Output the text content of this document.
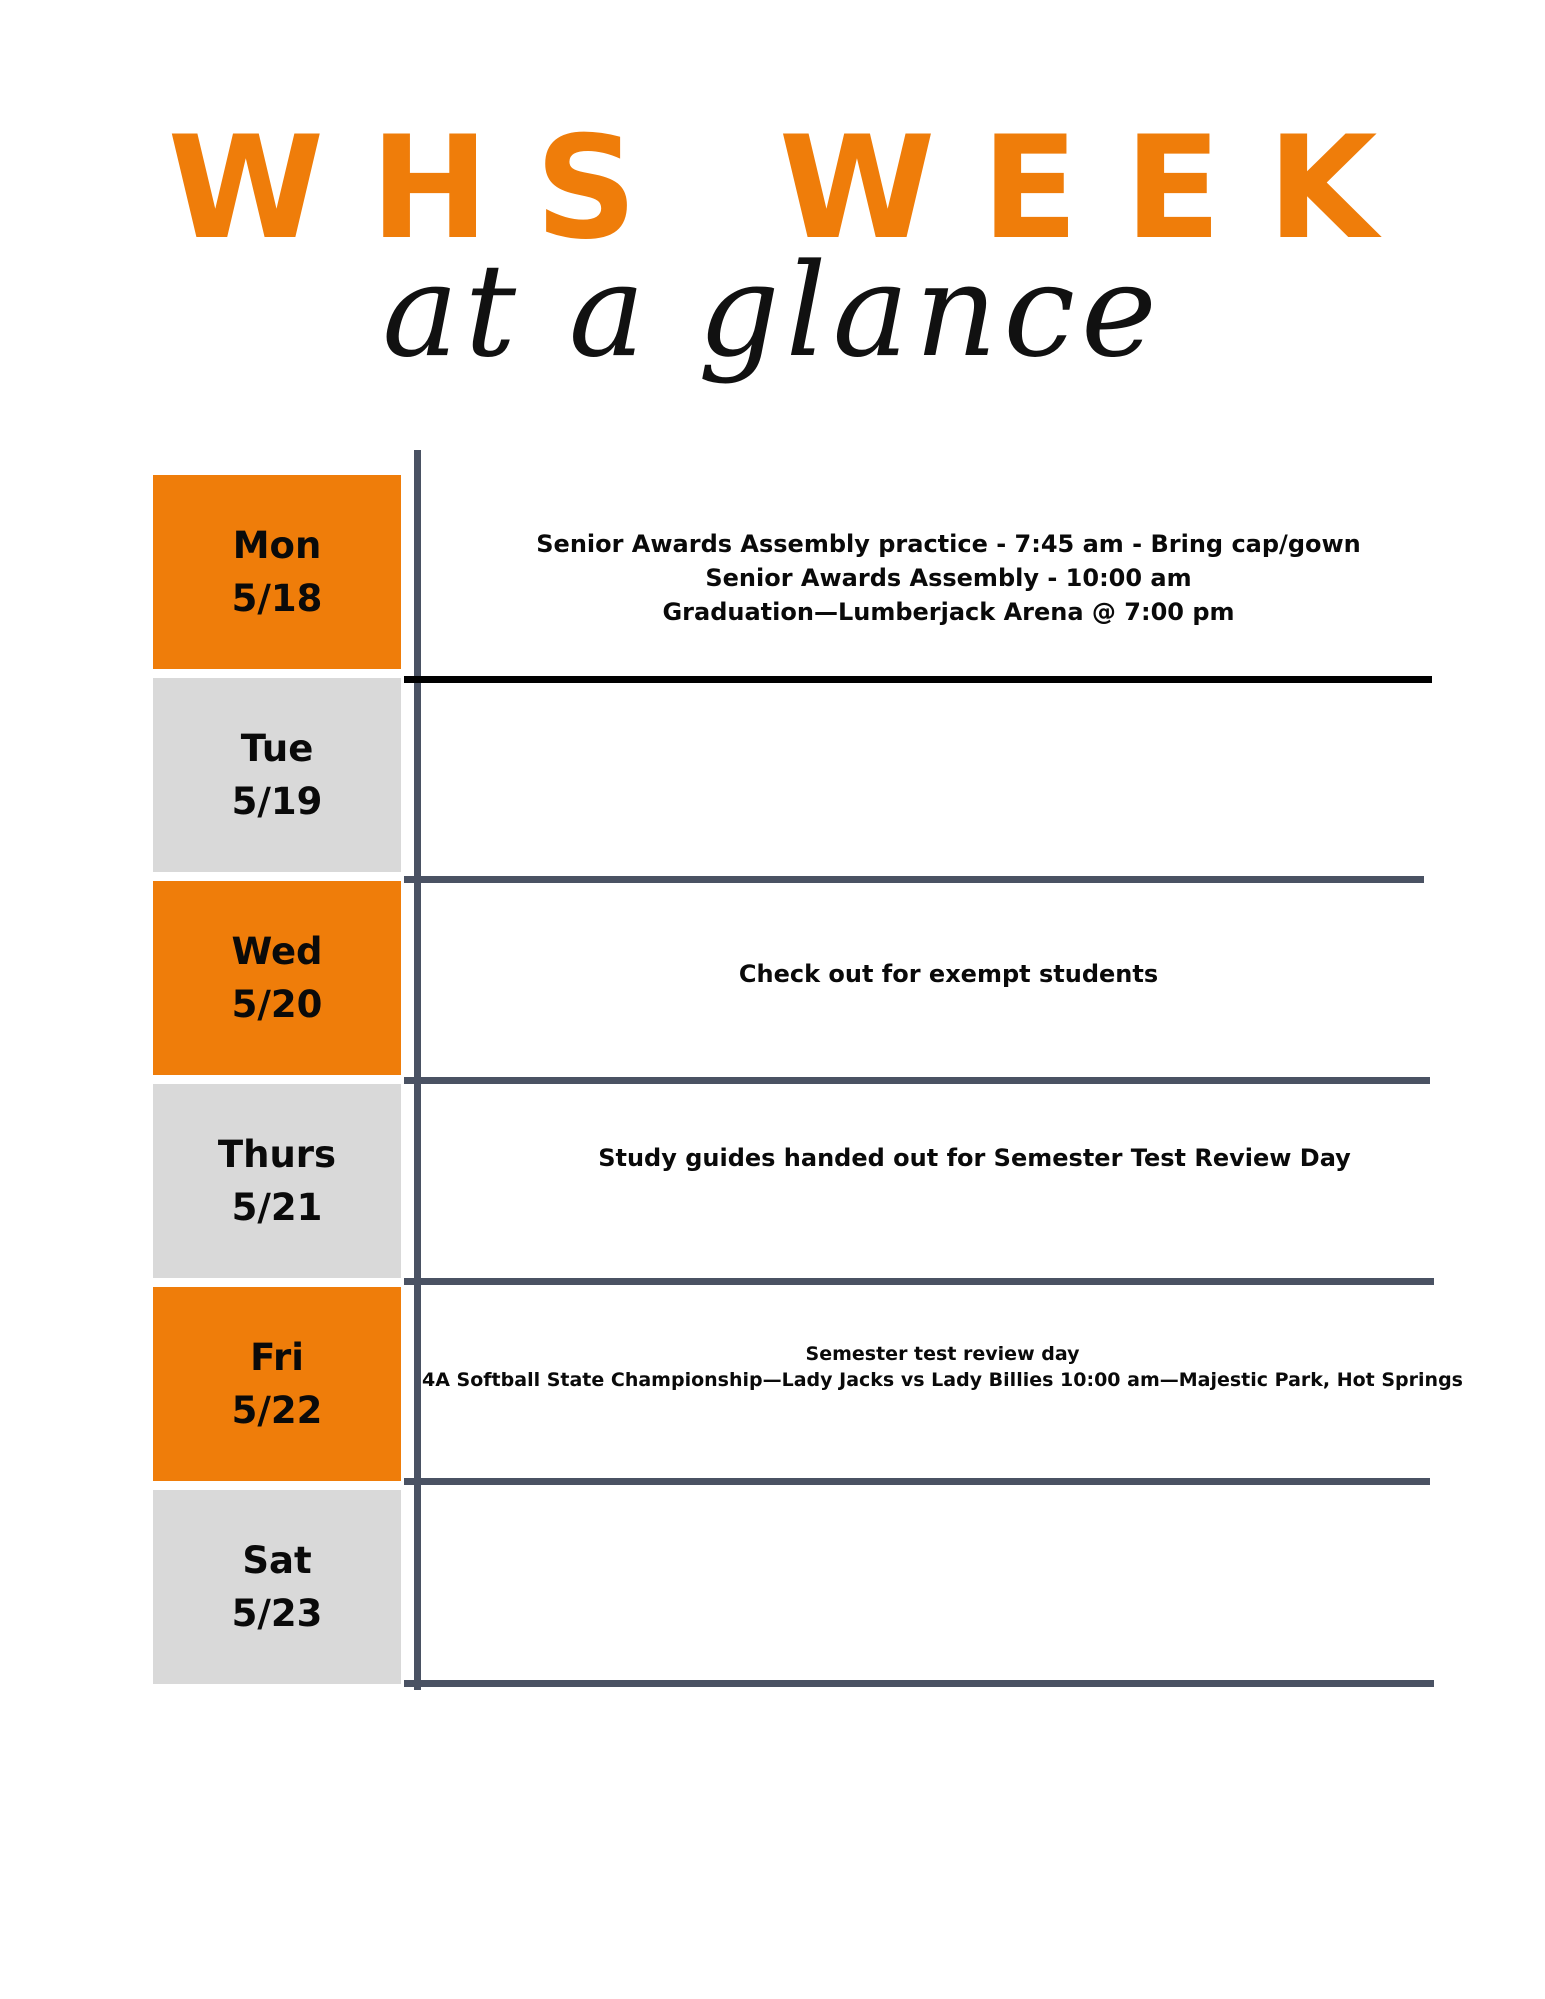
WHS WEEK
at a glance
Mon
5/18
Senior Awards Assembly practice - 7:45 am - Bring cap/gown
Senior Awards Assembly - 10:00 am
Graduation—Lumberjack Arena @ 7:00 pm
Tue
5/19
Wed
5/20
Check out for exempt students
Thurs
5/21
Study guides handed out for Semester Test Review Day
Fri
5/22
Semester test review day
4A Softball State Championship—Lady Jacks vs Lady Billies 10:00 am—Majestic Park, Hot Springs
Sat
5/23
